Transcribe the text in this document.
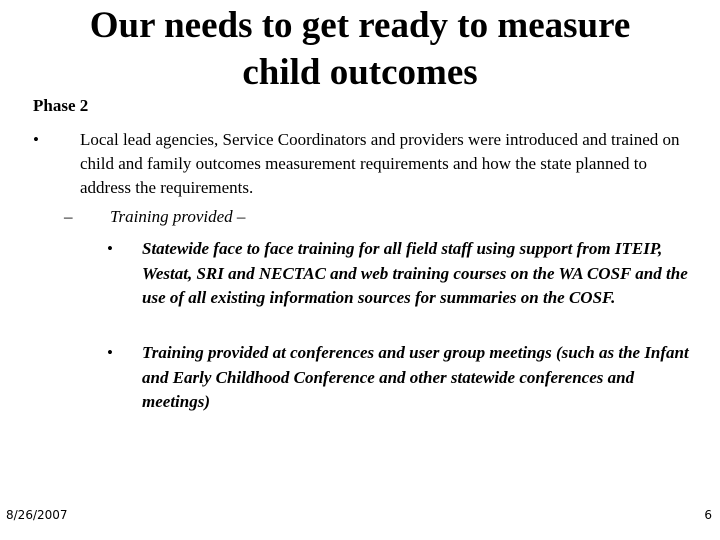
Our needs to get ready to measure
child outcomes
Phase 2
• Local lead agencies, Service Coordinators and providers were introduced and trained on child and family outcomes measurement requirements and how the state planned to address the requirements.
– Training provided –
• Statewide face to face training for all field staff using support from ITEIP, Westat, SRI and NECTAC and web training courses on the WA COSF and the use of all existing information sources for summaries on the COSF.
• Training provided at conferences and user group meetings (such as the Infant and Early Childhood Conference and other statewide conferences and meetings)
8/26/2007	6
